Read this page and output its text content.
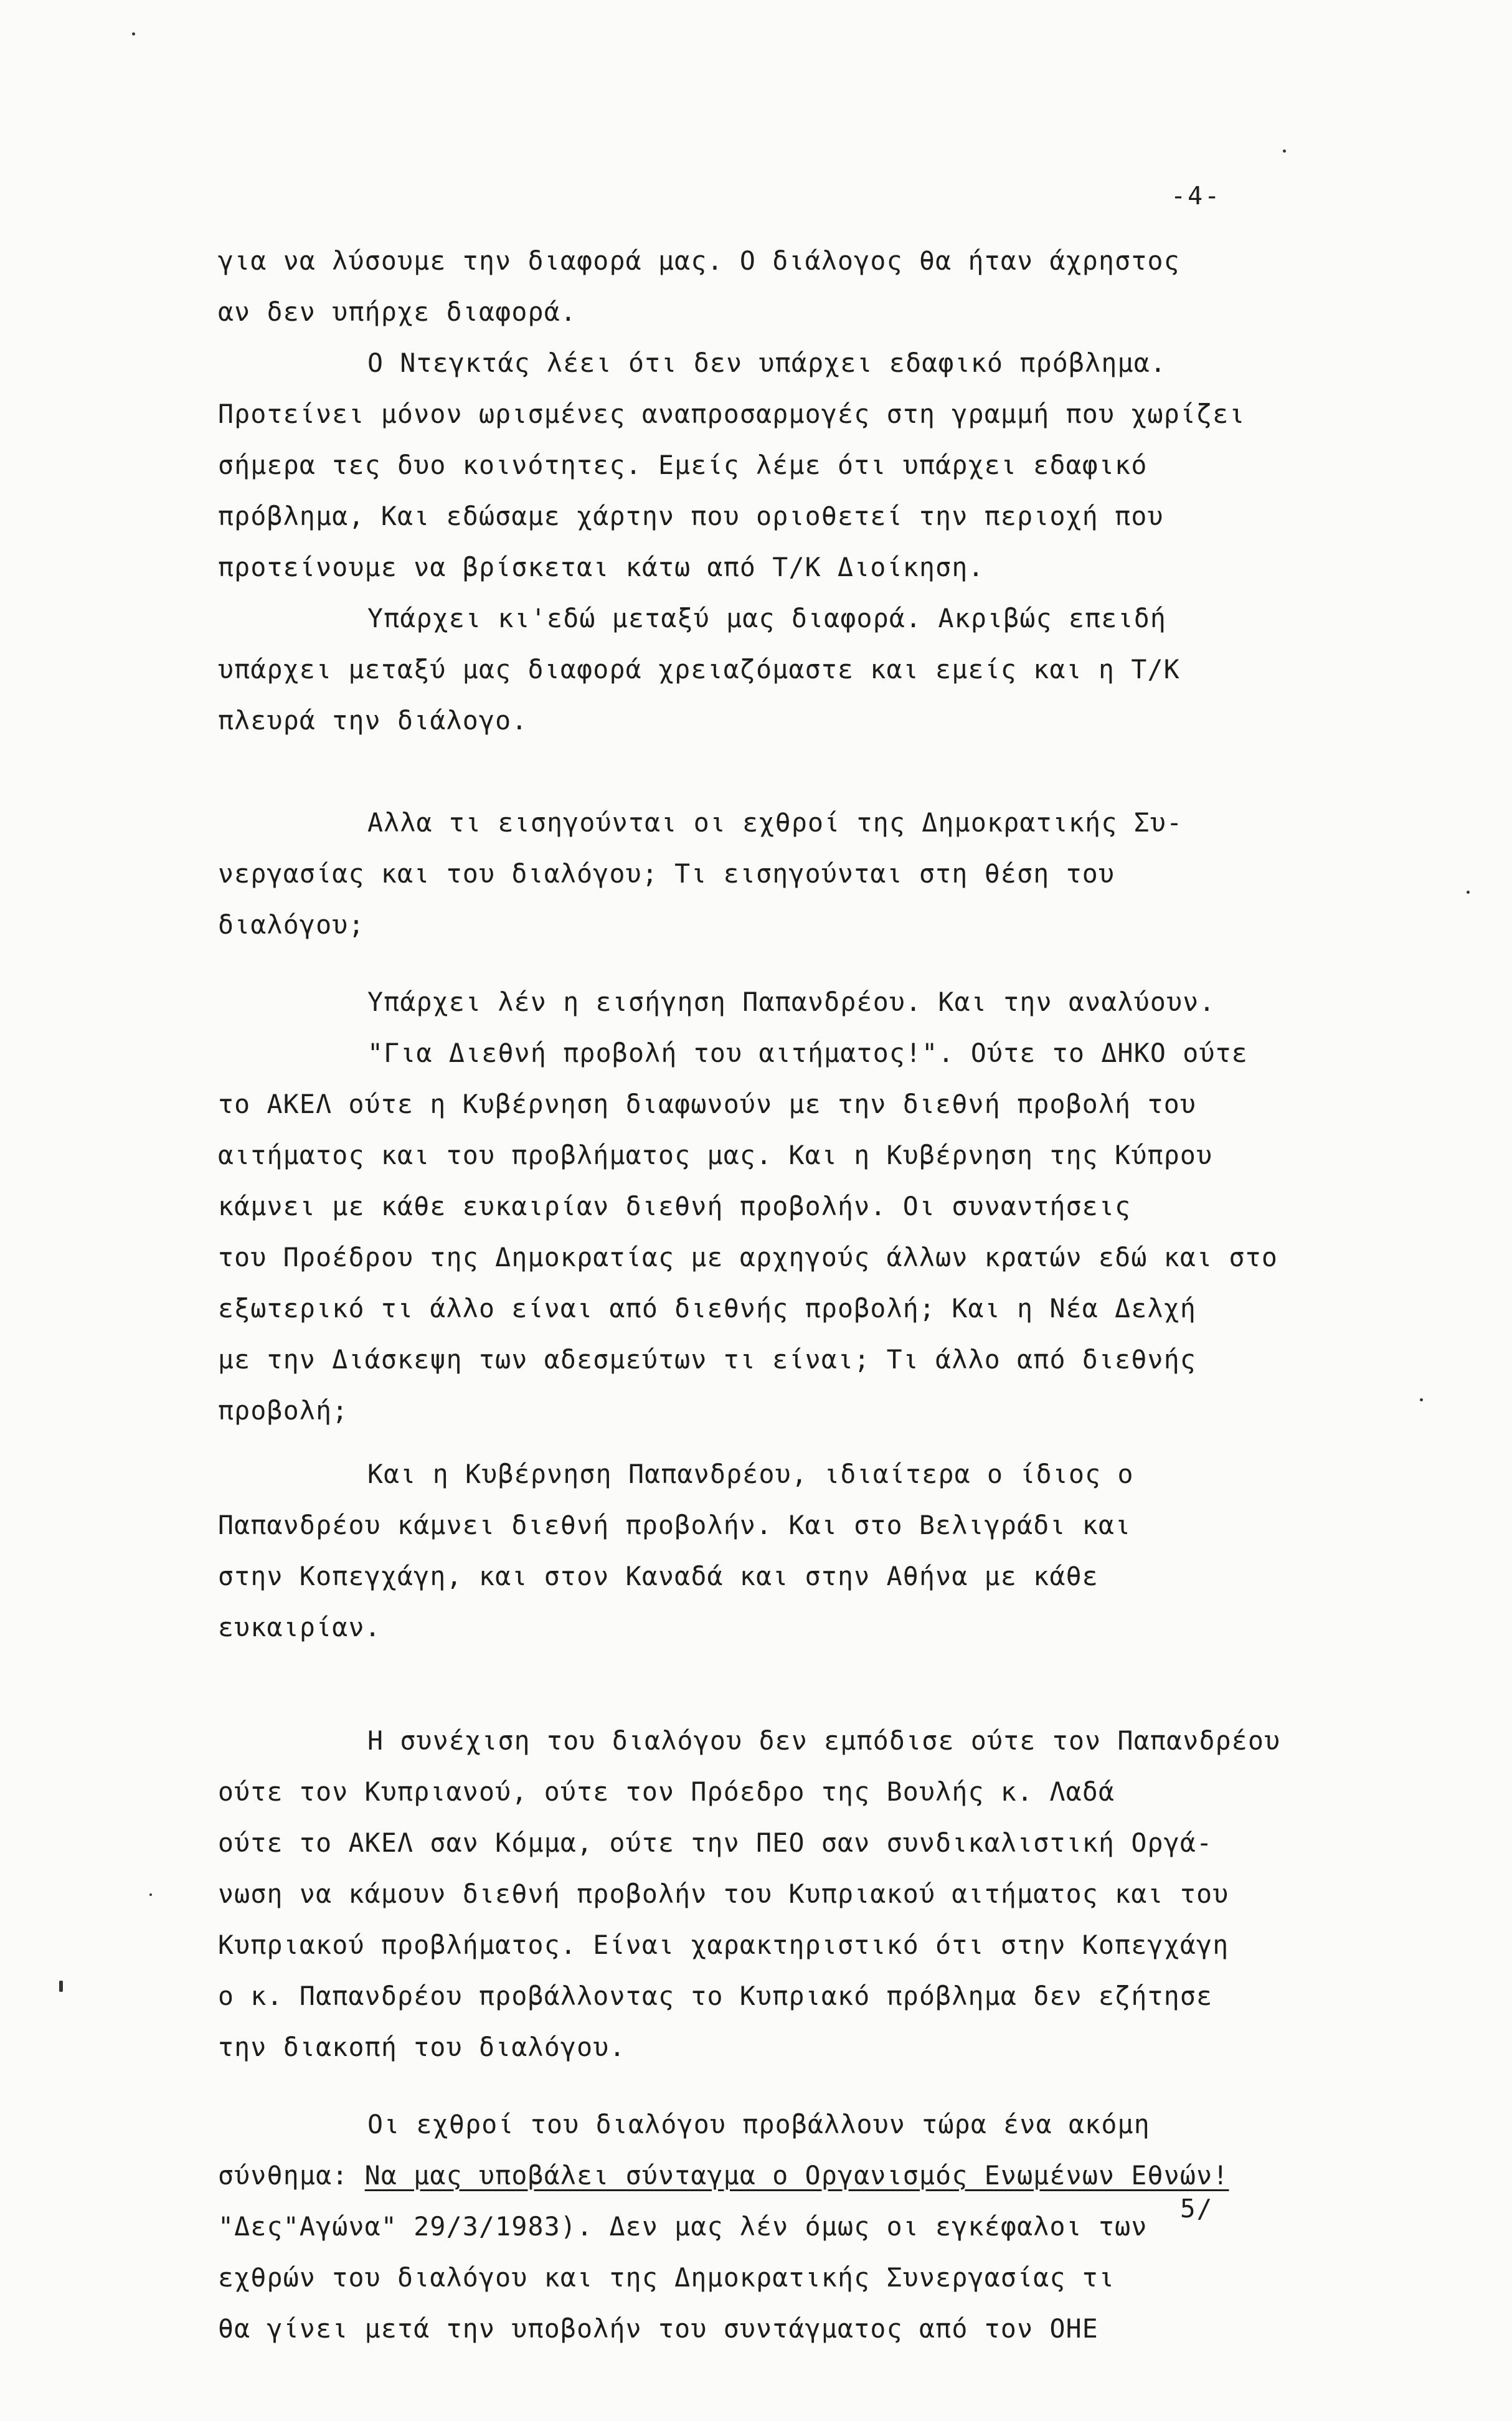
-4-
για να λύσουμε την διαφορά μας. Ο διάλογος θα ήταν άχρηστος
αν δεν υπήρχε διαφορά.
Ο Ντεγκτάς λέει ότι δεν υπάρχει εδαφικό πρόβλημα.
Προτείνει μόνον ωρισμένες αναπροσαρμογές στη γραμμή που χωρίζει
σήμερα τες δυο κοινότητες. Εμείς λέμε ότι υπάρχει εδαφικό
πρόβλημα, Και εδώσαμε χάρτην που οριοθετεί την περιοχή που
προτείνουμε να βρίσκεται κάτω από Τ/Κ Διοίκηση.
Υπάρχει κι'εδώ μεταξύ μας διαφορά. Ακριβώς επειδή
υπάρχει μεταξύ μας διαφορά χρειαζόμαστε και εμείς και η Τ/Κ
πλευρά την διάλογο.
Αλλα τι εισηγούνται οι εχθροί της Δημοκρατικής Συ-
νεργασίας και του διαλόγου; Τι εισηγούνται στη θέση του
διαλόγου;
Υπάρχει λέν η εισήγηση Παπανδρέου. Και την αναλύουν.
"Για Διεθνή προβολή του αιτήματος!". Ούτε το ΔΗΚΟ ούτε
το ΑΚΕΛ ούτε η Κυβέρνηση διαφωνούν με την διεθνή προβολή του
αιτήματος και του προβλήματος μας. Και η Κυβέρνηση της Κύπρου
κάμνει με κάθε ευκαιρίαν διεθνή προβολήν. Οι συναντήσεις
του Προέδρου της Δημοκρατίας με αρχηγούς άλλων κρατών εδώ και στο
εξωτερικό τι άλλο είναι από διεθνής προβολή; Και η Νέα Δελχή
με την Διάσκεψη των αδεσμεύτων τι είναι; Τι άλλο από διεθνής
προβολή;
Και η Κυβέρνηση Παπανδρέου, ιδιαίτερα ο ίδιος ο
Παπανδρέου κάμνει διεθνή προβολήν. Και στο Βελιγράδι και
στην Κοπεγχάγη, και στον Καναδά και στην Αθήνα με κάθε
ευκαιρίαν.
Η συνέχιση του διαλόγου δεν εμπόδισε ούτε τον Παπανδρέου
ούτε τον Κυπριανού, ούτε τον Πρόεδρο της Βουλής κ. Λαδά
ούτε το ΑΚΕΛ σαν Κόμμα, ούτε την ΠΕΟ σαν συνδικαλιστική Οργά-
νωση να κάμουν διεθνή προβολήν του Κυπριακού αιτήματος και του
Κυπριακού προβλήματος. Είναι χαρακτηριστικό ότι στην Κοπεγχάγη
ο κ. Παπανδρέου προβάλλοντας το Κυπριακό πρόβλημα δεν εζήτησε
την διακοπή του διαλόγου.
Οι εχθροί του διαλόγου προβάλλουν τώρα ένα ακόμη
σύνθημα: Να μας υποβάλει σύνταγμα ο Οργανισμός Ενωμένων Εθνών!
"Δες"Αγώνα" 29/3/1983). Δεν μας λέν όμως οι εγκέφαλοι των
εχθρών του διαλόγου και της Δημοκρατικής Συνεργασίας τι
θα γίνει μετά την υποβολήν του συντάγματος από τον ΟΗΕ
5/
